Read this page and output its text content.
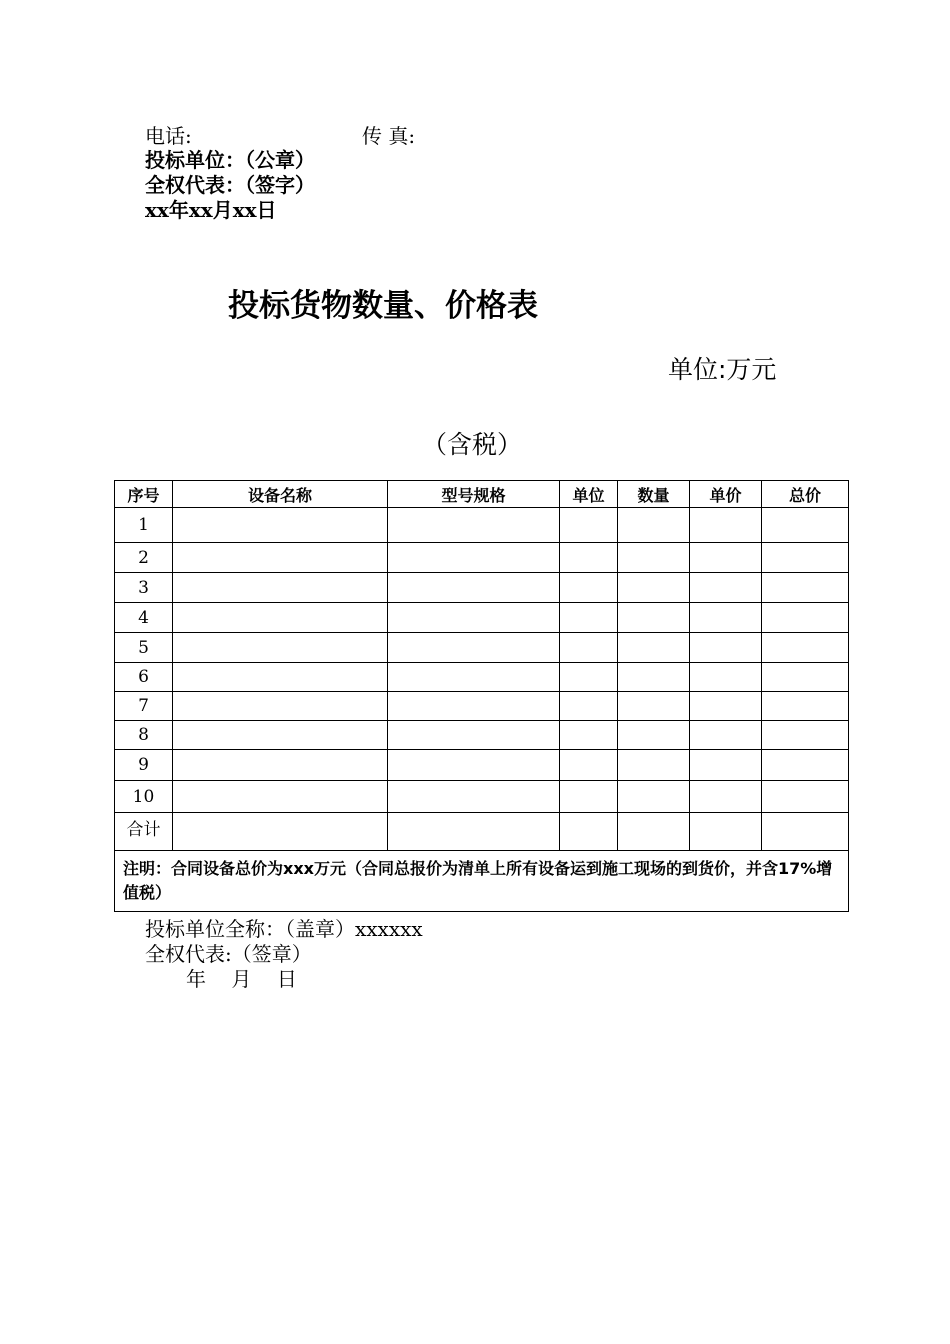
电话:	传 真:
投标单位：（公章）
全权代表：（签字）
xx年xx月xx日
投标货物数量、价格表
单位:万元
（含税）
序号	设备名称	型号规格	单位	数量	单价	总价
1						
2						
3						
4						
5						
6						
7						
8						
9						
10						
合计						
注明：合同设备总价为xxx万元（合同总报价为清单上所有设备运到施工现场的到货价，并含17%增值税）						
投标单位全称：（盖章）xxxxxx
全权代表:（签章）
年    月    日
